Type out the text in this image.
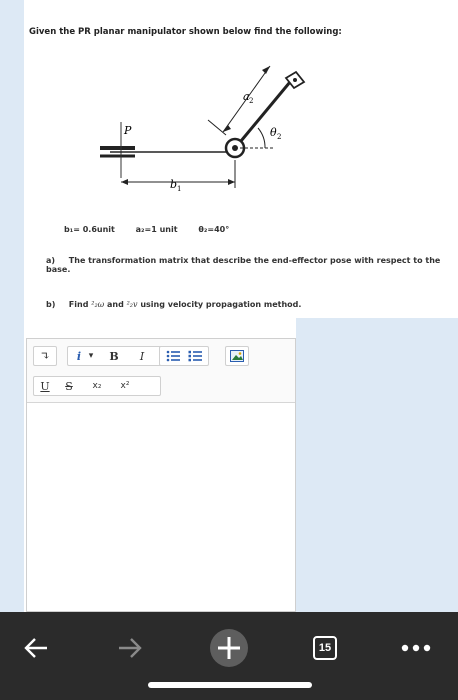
Given the PR planar manipulator shown below find the following:
P
b 1
a 2
θ 2
b₁= 0.6unit	a₂=1 unit	θ₂=40°
a) The transformation matrix that describe the end-effector pose with respect to the base.
b) Find ²₂ω and ²₂v using velocity propagation method.
↴	i ▾	B	I
U	S	x₂	x²
15
